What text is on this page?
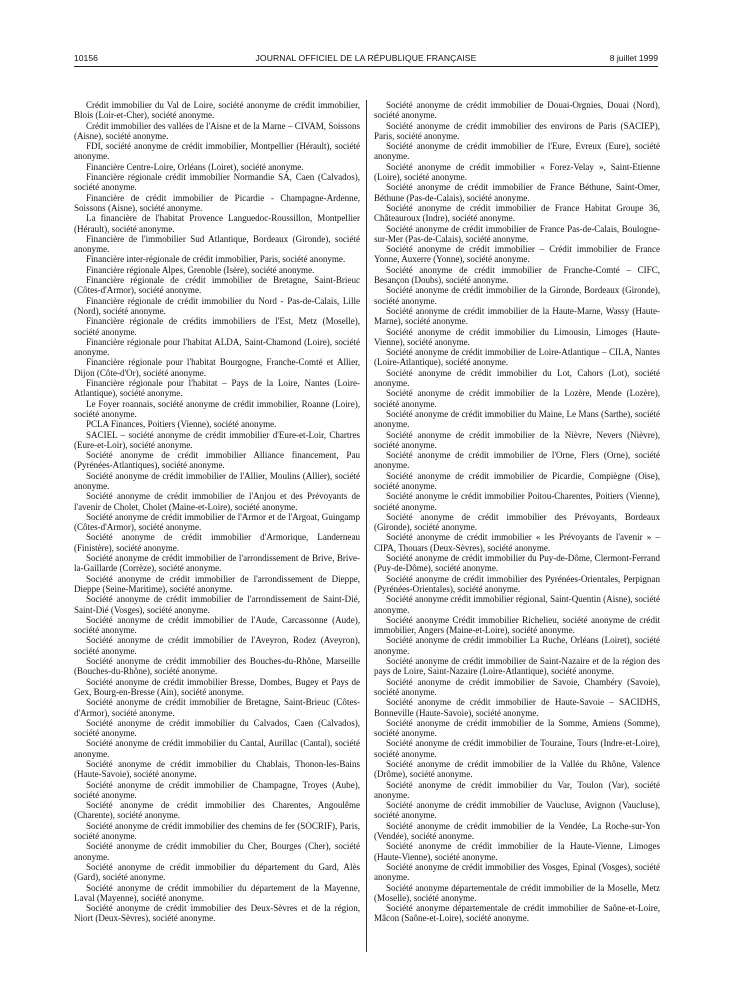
10156	JOURNAL OFFICIEL DE LA RÉPUBLIQUE FRANÇAISE	8 juillet 1999

Crédit immobilier du Val de Loire, société anonyme de crédit immobilier, Blois (Loir-et-Cher), société anonyme.

Crédit immobilier des vallées de l'Aisne et de la Marne – CIVAM, Soissons (Aisne), société anonyme.

FDI, société anonyme de crédit immobilier, Montpellier (Hérault), société anonyme.

Financière Centre-Loire, Orléans (Loiret), société anonyme.

Financière régionale crédit immobilier Normandie SA, Caen (Calvados), société anonyme.

Financière de crédit immobilier de Picardie - Champagne-Ardenne, Soissons (Aisne), société anonyme.

La financière de l'habitat Provence Languedoc-Roussillon, Montpellier (Hérault), société anonyme.

Financière de l'immobilier Sud Atlantique, Bordeaux (Gironde), société anonyme.

Financière inter-régionale de crédit immobilier, Paris, société anonyme.

Financière régionale Alpes, Grenoble (Isère), société anonyme.

Financière régionale de crédit immobilier de Bretagne, Saint-Brieuc (Côtes-d'Armor), société anonyme.

Financière régionale de crédit immobilier du Nord - Pas-de-Calais, Lille (Nord), société anonyme.

Financière régionale de crédits immobiliers de l'Est, Metz (Moselle), société anonyme.

Financière régionale pour l'habitat ALDA, Saint-Chamond (Loire), société anonyme.

Financière régionale pour l'habitat Bourgogne, Franche-Comté et Allier, Dijon (Côte-d'Or), société anonyme.

Financière régionale pour l'habitat – Pays de la Loire, Nantes (Loire-Atlantique), société anonyme.

Le Foyer roannais, société anonyme de crédit immobilier, Roanne (Loire), société anonyme.

PCLA Finances, Poitiers (Vienne), société anonyme.

SACIEL – société anonyme de crédit immobilier d'Eure-et-Loir, Chartres (Eure-et-Loir), société anonyme.

Société anonyme de crédit immobilier Alliance financement, Pau (Pyrénées-Atlantiques), société anonyme.

Société anonyme de crédit immobilier de l'Allier, Moulins (Allier), société anonyme.

Société anonyme de crédit immobilier de l'Anjou et des Prévoyants de l'avenir de Cholet, Cholet (Maine-et-Loire), société anonyme.

Société anonyme de crédit immobilier de l'Armor et de l'Argoat, Guingamp (Côtes-d'Armor), société anonyme.

Société anonyme de crédit immobilier d'Armorique, Landerneau (Finistère), société anonyme.

Société anonyme de crédit immobilier de l'arrondissement de Brive, Brive-la-Gaillarde (Corrèze), société anonyme.

Société anonyme de crédit immobilier de l'arrondissement de Dieppe, Dieppe (Seine-Maritime), société anonyme.

Société anonyme de crédit immobilier de l'arrondissement de Saint-Dié, Saint-Dié (Vosges), société anonyme.

Société anonyme de crédit immobilier de l'Aude, Carcassonne (Aude), société anonyme.

Société anonyme de crédit immobilier de l'Aveyron, Rodez (Aveyron), société anonyme.

Société anonyme de crédit immobilier des Bouches-du-Rhône, Marseille (Bouches-du-Rhône), société anonyme.

Société anonyme de crédit immobilier Bresse, Dombes, Bugey et Pays de Gex, Bourg-en-Bresse (Ain), société anonyme.

Société anonyme de crédit immobilier de Bretagne, Saint-Brieuc (Côtes-d'Armor), société anonyme.

Société anonyme de crédit immobilier du Calvados, Caen (Calvados), société anonyme.

Société anonyme de crédit immobilier du Cantal, Aurillac (Cantal), société anonyme.

Société anonyme de crédit immobilier du Chablais, Thonon-les-Bains (Haute-Savoie), société anonyme.

Société anonyme de crédit immobilier de Champagne, Troyes (Aube), société anonyme.

Société anonyme de crédit immobilier des Charentes, Angoulême (Charente), société anonyme.

Société anonyme de crédit immobilier des chemins de fer (SOCRIF), Paris, société anonyme.

Société anonyme de crédit immobilier du Cher, Bourges (Cher), société anonyme.

Société anonyme de crédit immobilier du département du Gard, Alès (Gard), société anonyme.

Société anonyme de crédit immobilier du département de la Mayenne, Laval (Mayenne), société anonyme.

Société anonyme de crédit immobilier des Deux-Sèvres et de la région, Niort (Deux-Sèvres), société anonyme.

Société anonyme de crédit immobilier de Douai-Orgnies, Douai (Nord), société anonyme.

Société anonyme de crédit immobilier des environs de Paris (SACIEP), Paris, société anonyme.

Société anonyme de crédit immobilier de l'Eure, Evreux (Eure), société anonyme.

Société anonyme de crédit immobilier « Forez-Velay », Saint-Etienne (Loire), société anonyme.

Société anonyme de crédit immobilier de France Béthune, Saint-Omer, Béthune (Pas-de-Calais), société anonyme.

Société anonyme de crédit immobilier de France Habitat Groupe 36, Châteauroux (Indre), société anonyme.

Société anonyme de crédit immobilier de France Pas-de-Calais, Boulogne-sur-Mer (Pas-de-Calais), société anonyme.

Société anonyme de crédit immobilier – Crédit immobilier de France Yonne, Auxerre (Yonne), société anonyme.

Société anonyme de crédit immobilier de Franche-Comté – CIFC, Besançon (Doubs), société anonyme.

Société anonyme de crédit immobilier de la Gironde, Bordeaux (Gironde), société anonyme.

Société anonyme de crédit immobilier de la Haute-Marne, Wassy (Haute-Marne), société anonyme.

Société anonyme de crédit immobilier du Limousin, Limoges (Haute-Vienne), société anonyme.

Société anonyme de crédit immobilier de Loire-Atlantique – CILA, Nantes (Loire-Atlantique), société anonyme.

Société anonyme de crédit immobilier du Lot, Cahors (Lot), société anonyme.

Société anonyme de crédit immobilier de la Lozère, Mende (Lozère), société anonyme.

Société anonyme de crédit immobilier du Maine, Le Mans (Sarthe), société anonyme.

Société anonyme de crédit immobilier de la Nièvre, Nevers (Nièvre), société anonyme.

Société anonyme de crédit immobilier de l'Orne, Flers (Orne), société anonyme.

Société anonyme de crédit immobilier de Picardie, Compiègne (Oise), société anonyme.

Société anonyme le crédit immobilier Poitou-Charentes, Poitiers (Vienne), société anonyme.

Société anonyme de crédit immobilier des Prévoyants, Bordeaux (Gironde), société anonyme.

Société anonyme de crédit immobilier « les Prévoyants de l'avenir » – CIPA, Thouars (Deux-Sèvres), société anonyme.

Société anonyme de crédit immobilier du Puy-de-Dôme, Clermont-Ferrand (Puy-de-Dôme), société anonyme.

Société anonyme de crédit immobilier des Pyrénées-Orientales, Perpignan (Pyrénées-Orientales), société anonyme.

Société anonyme crédit immobilier régional, Saint-Quentin (Aisne), société anonyme.

Société anonyme Crédit immobilier Richelieu, société anonyme de crédit immobilier, Angers (Maine-et-Loire), société anonyme.

Société anonyme de crédit immobilier La Ruche, Orléans (Loiret), société anonyme.

Société anonyme de crédit immobilier de Saint-Nazaire et de la région des pays de Loire, Saint-Nazaire (Loire-Atlantique), société anonyme.

Société anonyme de crédit immobilier de Savoie, Chambéry (Savoie), société anonyme.

Société anonyme de crédit immobilier de Haute-Savoie – SACIDHS, Bonneville (Haute-Savoie), société anonyme.

Société anonyme de crédit immobilier de la Somme, Amiens (Somme), société anonyme.

Société anonyme de crédit immobilier de Touraine, Tours (Indre-et-Loire), société anonyme.

Société anonyme de crédit immobilier de la Vallée du Rhône, Valence (Drôme), société anonyme.

Société anonyme de crédit immobilier du Var, Toulon (Var), société anonyme.

Société anonyme de crédit immobilier de Vaucluse, Avignon (Vaucluse), société anonyme.

Société anonyme de crédit immobilier de la Vendée, La Roche-sur-Yon (Vendée), société anonyme.

Société anonyme de crédit immobilier de la Haute-Vienne, Limoges (Haute-Vienne), société anonyme.

Société anonyme de crédit immobilier des Vosges, Epinal (Vosges), société anonyme.

Société anonyme départementale de crédit immobilier de la Moselle, Metz (Moselle), société anonyme.

Société anonyme départementale de crédit immobilier de Saône-et-Loire, Mâcon (Saône-et-Loire), société anonyme.
